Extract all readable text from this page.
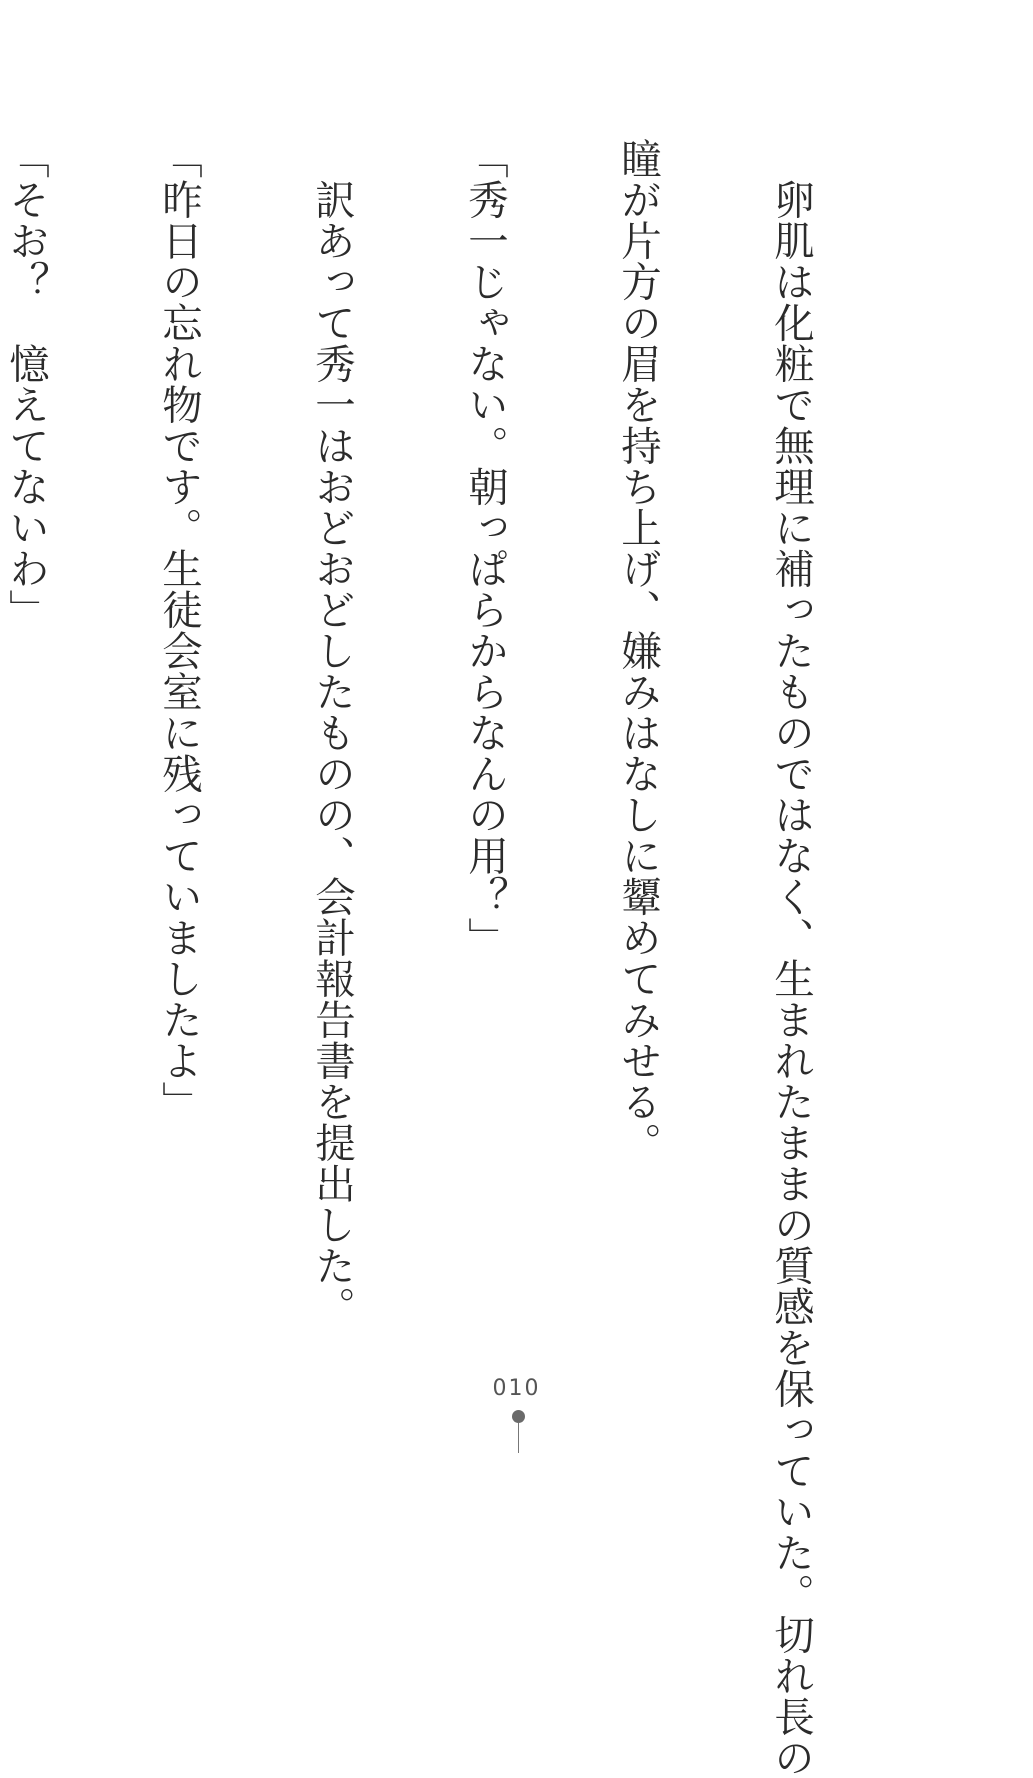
　卵肌は化粧で無理に補ったものではなく、生まれたままの質感を保っていた。切れ長の

瞳が片方の眉を持ち上げ、嫌みはなしに顰めてみせる。

「秀一じゃない。朝っぱらからなんの用？」

　訳あって秀一はおどおどしたものの、会計報告書を提出した。

「昨日の忘れ物です。生徒会室に残っていましたよ」

「そお？　憶えてないわ」

010
